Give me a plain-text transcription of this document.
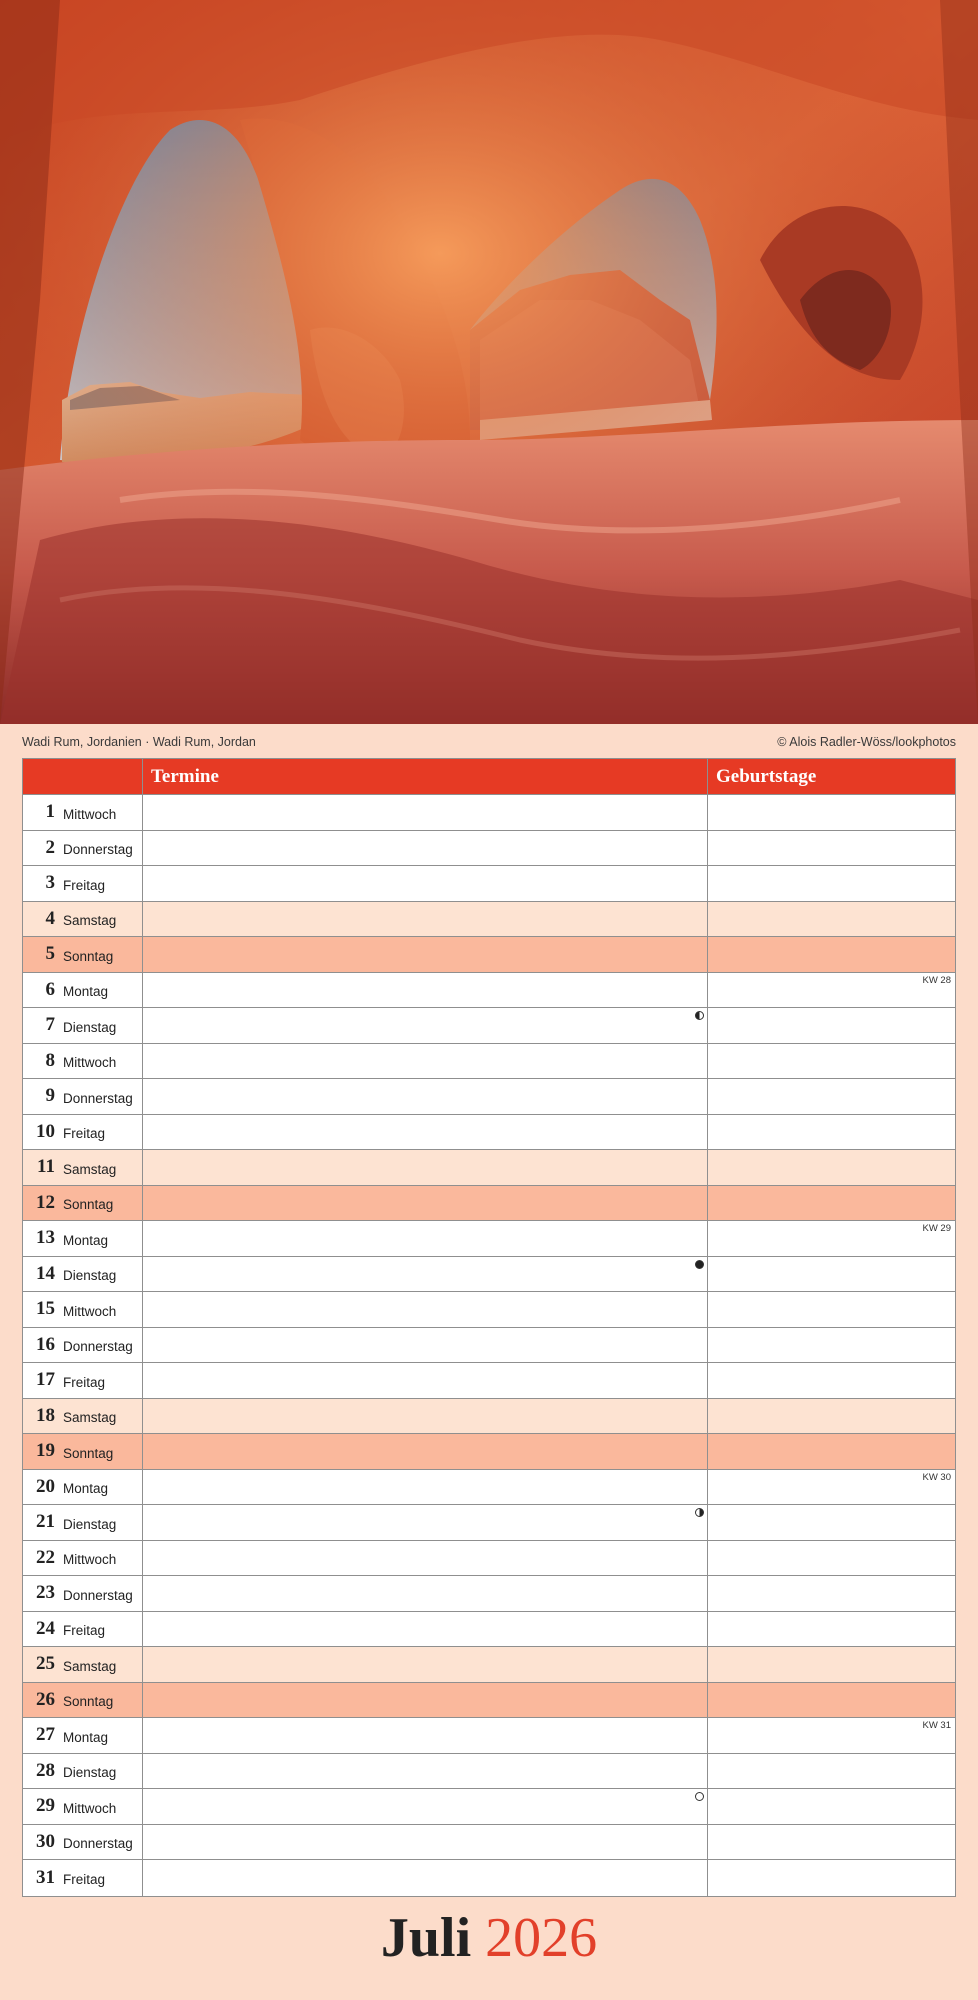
Wadi Rum, Jordanien · Wadi Rum, Jordan	© Alois Radler-Wöss/lookphotos
Termine	Geburtstage
1 Mittwoch
2 Donnerstag
3 Freitag
4 Samstag
5 Sonntag
6 Montag
KW 28
7 Dienstag
8 Mittwoch
9 Donnerstag
10 Freitag
11 Samstag
12 Sonntag
13 Montag
KW 29
14 Dienstag
15 Mittwoch
16 Donnerstag
17 Freitag
18 Samstag
19 Sonntag
20 Montag
KW 30
21 Dienstag
22 Mittwoch
23 Donnerstag
24 Freitag
25 Samstag
26 Sonntag
27 Montag
KW 31
28 Dienstag
29 Mittwoch
30 Donnerstag
31 Freitag
Juli 2026
